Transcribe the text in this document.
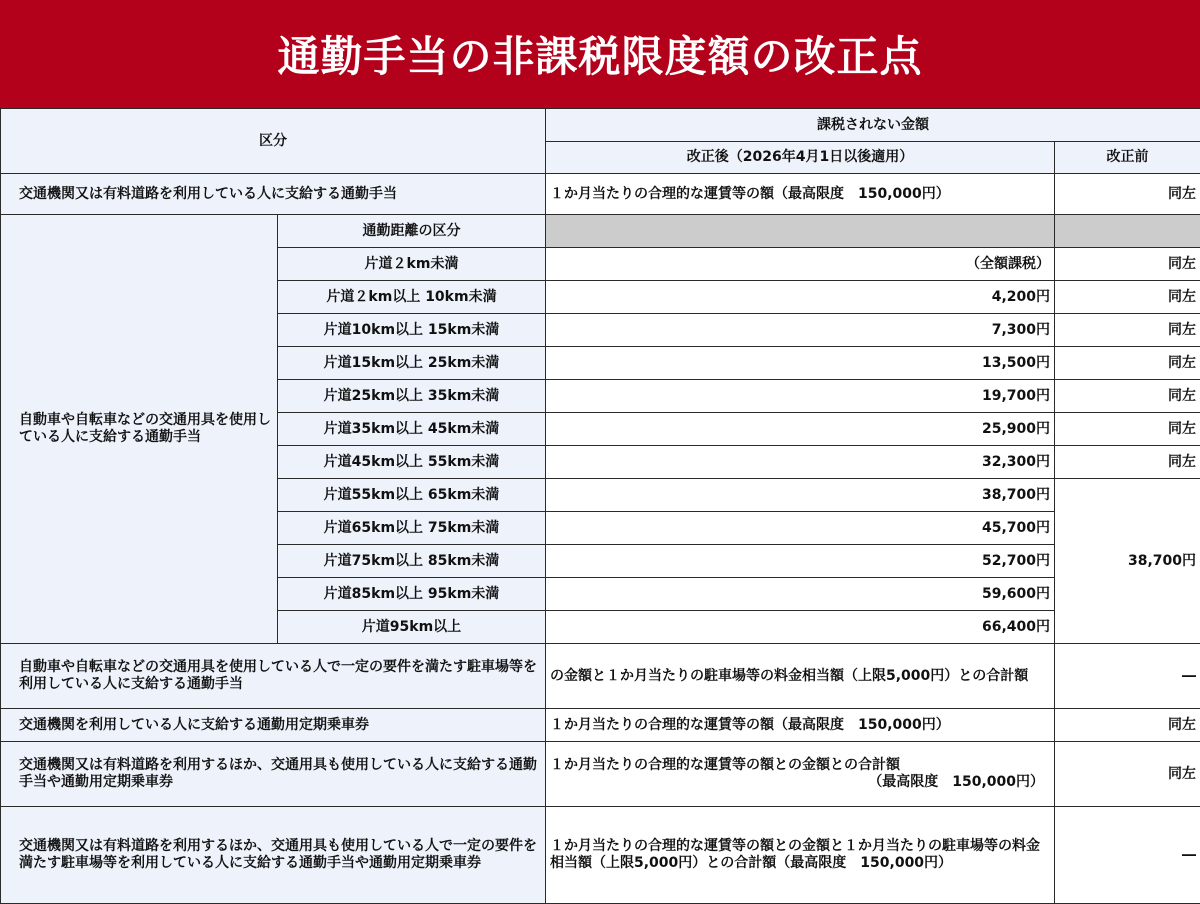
通勤手当の非課税限度額の改正点
区分		課税されない金額	
		改正後（2026年4月1日以後適用）	改正前
交通機関又は有料道路を利用している人に支給する通勤手当		１か月当たりの合理的な運賃等の額（最高限度　150,000円）	同左
自動車や自転車などの交通用具を使用している人に支給する通勤手当	通勤距離の区分		
	片道２km未満	（全額課税）	同左
	片道２km以上 10km未満	4,200円	同左
	片道10km以上 15km未満	7,300円	同左
	片道15km以上 25km未満	13,500円	同左
	片道25km以上 35km未満	19,700円	同左
	片道35km以上 45km未満	25,900円	同左
	片道45km以上 55km未満	32,300円	同左
	片道55km以上 65km未満	38,700円	38,700円
	片道65km以上 75km未満	45,700円	
	片道75km以上 85km未満	52,700円	
	片道85km以上 95km未満	59,600円	
	片道95km以上	66,400円	
自動車や自転車などの交通用具を使用している人で一定の要件を満たす駐車場等を利用している人に支給する通勤手当		の金額と１か月当たりの駐車場等の料金相当額（上限5,000円）との合計額	―
交通機関を利用している人に支給する通勤用定期乗車券		１か月当たりの合理的な運賃等の額（最高限度　150,000円）	同左
交通機関又は有料道路を利用するほか、交通用具も使用している人に支給する通勤手当や通勤用定期乗車券		１か月当たりの合理的な運賃等の額との金額との合計額
（最高限度　150,000円）	同左
交通機関又は有料道路を利用するほか、交通用具も使用している人で一定の要件を満たす駐車場等を利用している人に支給する通勤手当や通勤用定期乗車券		１か月当たりの合理的な運賃等の額との金額と１か月当たりの駐車場等の料金相当額（上限5,000円）との合計額（最高限度　150,000円）	―
